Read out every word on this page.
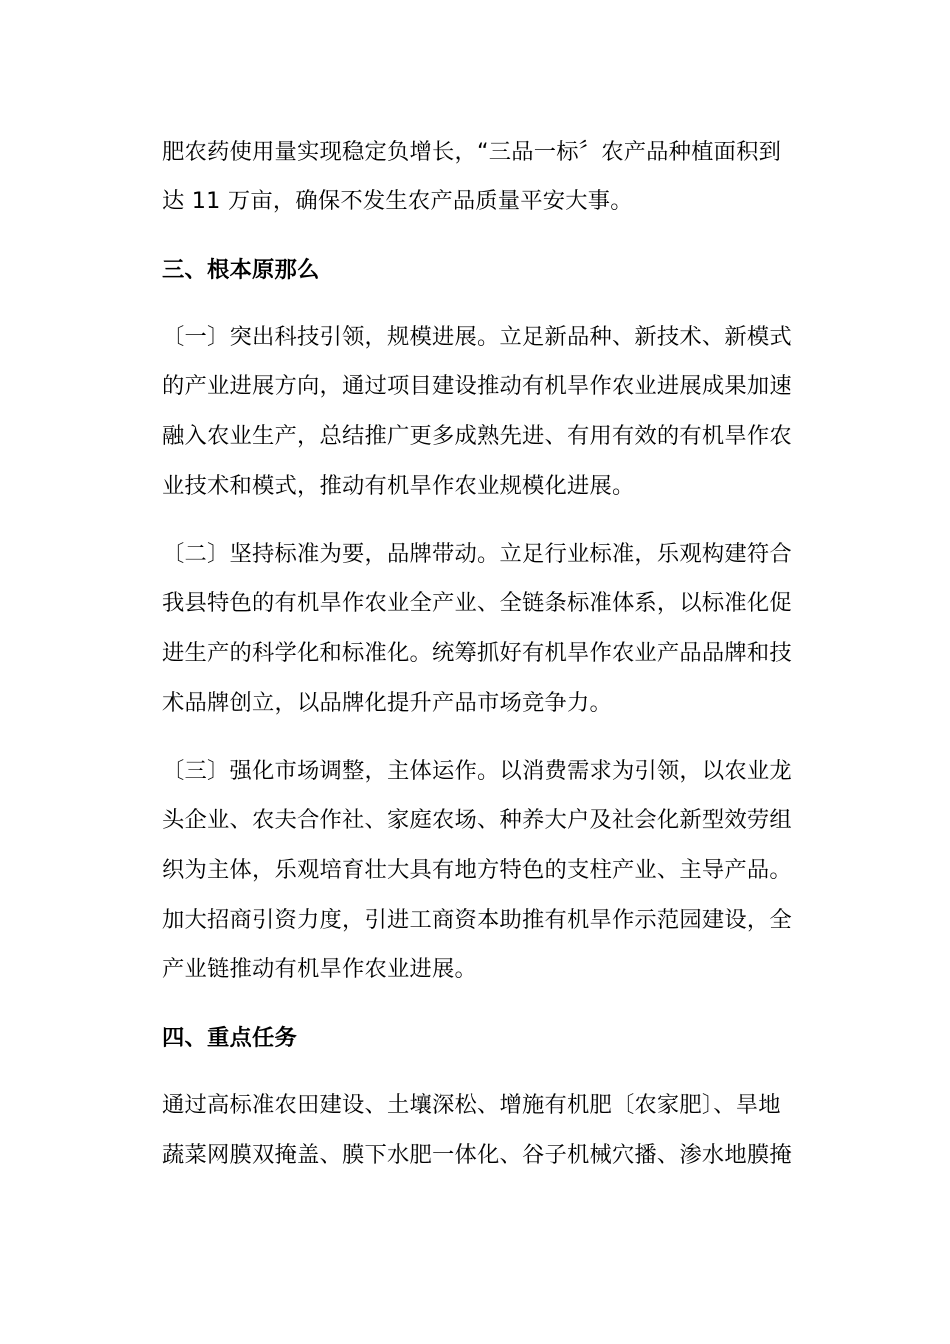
肥农药使用量实现稳定负增长，“三品一标〞农产品种植面积到
达 11 万亩，确保不发生农产品质量平安大事。
三、根本原那么
〔一〕突出科技引领，规模进展。立足新品种、新技术、新模式
的产业进展方向，通过项目建设推动有机旱作农业进展成果加速
融入农业生产，总结推广更多成熟先进、有用有效的有机旱作农
业技术和模式，推动有机旱作农业规模化进展。
〔二〕坚持标准为要，品牌带动。立足行业标准，乐观构建符合
我县特色的有机旱作农业全产业、全链条标准体系，以标准化促
进生产的科学化和标准化。统筹抓好有机旱作农业产品品牌和技
术品牌创立，以品牌化提升产品市场竞争力。
〔三〕强化市场调整，主体运作。以消费需求为引领，以农业龙
头企业、农夫合作社、家庭农场、种养大户及社会化新型效劳组
织为主体，乐观培育壮大具有地方特色的支柱产业、主导产品。
加大招商引资力度，引进工商资本助推有机旱作示范园建设，全
产业链推动有机旱作农业进展。
四、重点任务
通过高标准农田建设、土壤深松、增施有机肥〔农家肥〕、旱地
蔬菜网膜双掩盖、膜下水肥一体化、谷子机械穴播、渗水地膜掩
